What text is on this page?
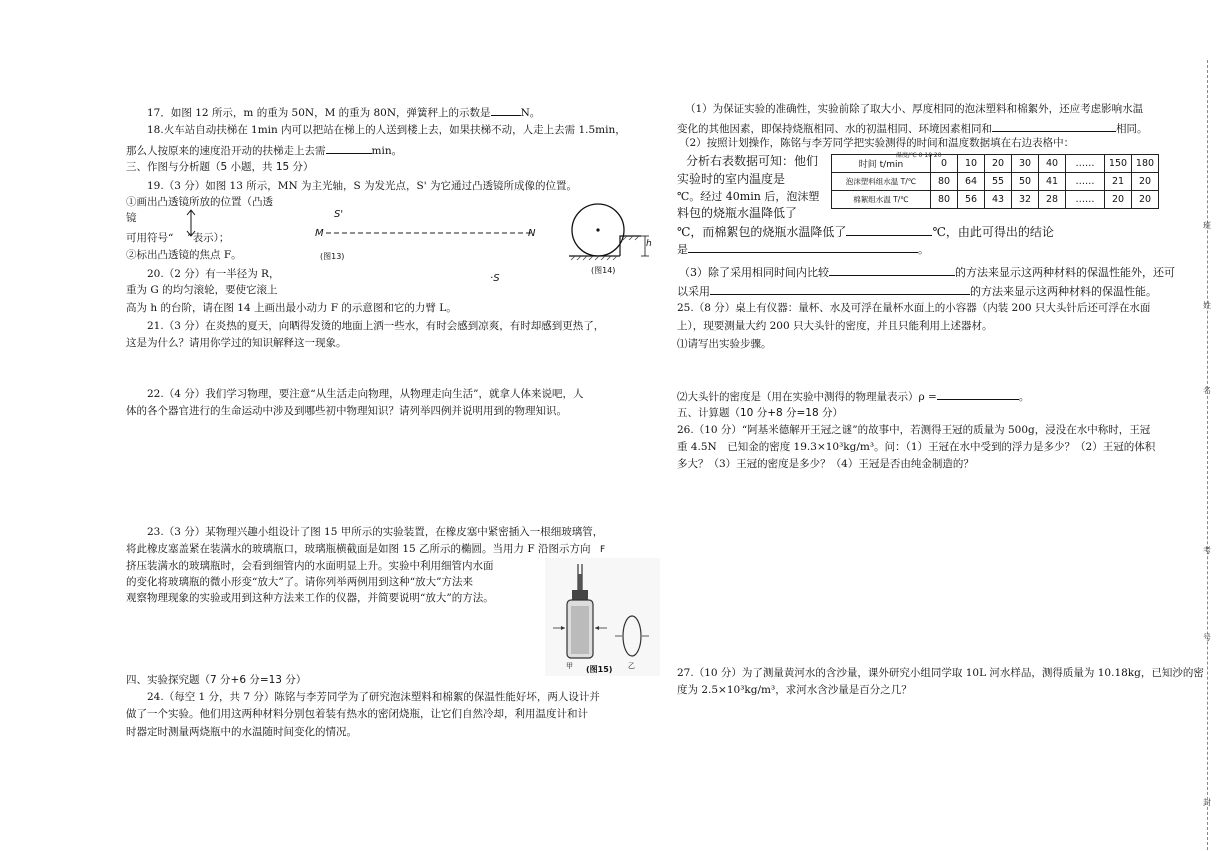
17．如图 12 所示，m 的重为 50N，M 的重为 80N，弹簧秤上的示数是	N。
18.火车站自动扶梯在 1min 内可以把站在梯上的人送到楼上去，如果扶梯不动，人走上去需 1.5min，
那么人按原来的速度沿开动的扶梯走上去需	min。
三、作图与分析题（5 小题，共 15 分）
19.（3 分）如图 13 所示，MN 为主光轴，S 为发光点，S' 为它通过凸透镜所成像的位置。
①画出凸透镜所放的位置（凸透
镜
可用符号“　 ”表示）；
②标出凸透镜的焦点 F。
S'
M	N
(图13)
·S
h
(图14)
20.（2 分）有一半径为 R，
重为 G 的均匀滚轮，要使它滚上
高为 h 的台阶，请在图 14 上画出最小动力 F 的示意图和它的力臂 L。
21.（3 分）在炎热的夏天，向晒得发烫的地面上洒一些水，有时会感到凉爽，有时却感到更热了，
这是为什么？请用你学过的知识解释这一现象。
22.（4 分）我们学习物理，要注意“从生活走向物理，从物理走向生活”，就拿人体来说吧，人
体的各个器官进行的生命运动中涉及到哪些初中物理知识？请列举四例并说明用到的物理知识。
23.（3 分）某物理兴趣小组设计了图 15 甲所示的实验装置，在橡皮塞中紧密插入一根细玻璃管，
将此橡皮塞盖紧在装满水的玻璃瓶口，玻璃瓶横截面是如图 15 乙所示的椭圆。当用力 F 沿图示方向
挤压装满水的玻璃瓶时，会看到细管内的水面明显上升。实验中利用细管内水面
的变化将玻璃瓶的微小形变“放大”了。请你列举两例用到这种“放大”方法来
观察物理现象的实验或用到这种方法来工作的仪器，并简要说明“放大”的方法。
(图15)
甲	乙
F
四、实验探究题（7 分+6 分=13 分）
24.（每空 1 分，共 7 分）陈铭与李芳同学为了研究泡沫塑料和棉絮的保温性能好坏，两人设计并
做了一个实验。他们用这两种材料分别包着装有热水的密闭烧瓶，让它们自然冷却，利用温度计和计
时器定时测量两烧瓶中的水温随时间变化的情况。
（1）为保证实验的准确性，实验前除了取大小、厚度相同的泡沫塑料和棉絮外，还应考虑影响水温
变化的其他因素，即保持烧瓶相同、水的初温相同、环境因素相同和	相同。
（2）按照计划操作，陈铭与李芳同学把实验测得的时间和温度数据填在右边表格中：
分析右表数据可知：他们
实验时的室内温度是
℃。经过 40min 后，泡沫塑
料包的烧瓶水温降低了
时间 t/min	0	10	20	30	40	……	150	180
泡沫塑料组水温 T/℃	80	64	55	50	41	……	21	20
棉絮组水温 T/℃	80	56	43	32	28	……	20	20
温度/℃ 0 10 20
℃，而棉絮包的烧瓶水温降低了	℃，由此可得出的结论
是	。
（3）除了采用相同时间内比较	的方法来显示这两种材料的保温性能外，还可
以采用	的方法来显示这两种材料的保温性能。
25.（8 分）桌上有仪器：量杯、水及可浮在量杯水面上的小容器（内装 200 只大头针后还可浮在水面
上），现要测量大约 200 只大头针的密度，并且只能利用上述器材。
⑴请写出实验步骤。
⑵大头针的密度是（用在实验中测得的物理量表示）ρ =	。
五、计算题（10 分+8 分=18 分）
26.（10 分）“阿基米德解开王冠之谜”的故事中，若测得王冠的质量为 500g，浸没在水中称时，王冠
重 4.5N　已知金的密度 19.3×10³kg/m³。问：（1）王冠在水中受到的浮力是多少？（2）王冠的体积
多大？（3）王冠的密度是多少？（4）王冠是否由纯金制造的？
27.（10 分）为了测量黄河水的含沙量，课外研究小组同学取 10L 河水样品，测得质量为 10.18kg，已知沙的密
度为 2.5×10³kg/m³，求河水含沙量是百分之几？
班
姓
名
考
号
封
